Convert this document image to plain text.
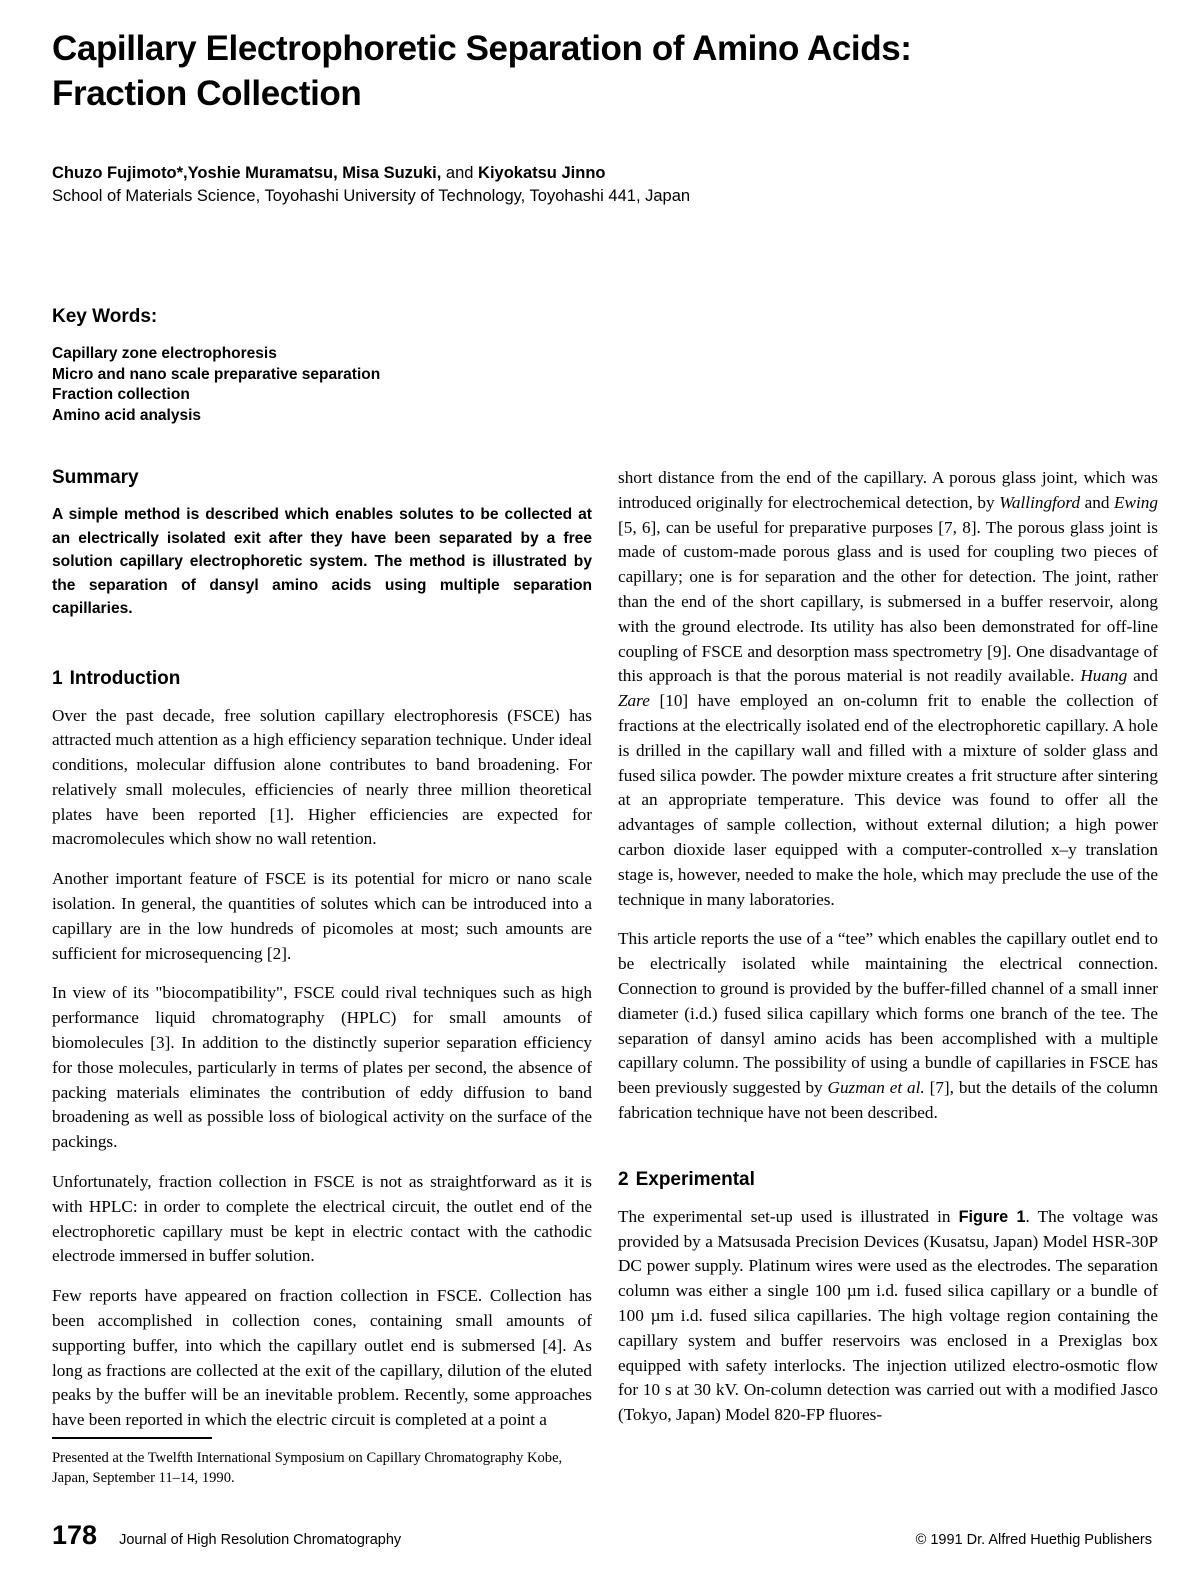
Capillary Electrophoretic Separation of Amino Acids:
Fraction Collection

Chuzo Fujimoto*,Yoshie Muramatsu, Misa Suzuki, and Kiyokatsu Jinno

School of Materials Science, Toyohashi University of Technology, Toyohashi 441, Japan

Key Words:
Capillary zone electrophoresis
Micro and nano scale preparative separation
Fraction collection
Amino acid analysis
Summary

A simple method is described which enables solutes to be collected at an electrically isolated exit after they have been separated by a free solution capillary electrophoretic system. The method is illustrated by the separation of dansyl amino acids using multiple separation capillaries.

1 Introduction

Over the past decade, free solution capillary electrophoresis (FSCE) has attracted much attention as a high efficiency separation technique. Under ideal conditions, molecular diffusion alone contributes to band broadening. For relatively small molecules, efficiencies of nearly three million theoretical plates have been reported [1]. Higher efficiencies are expected for macromolecules which show no wall retention.

Another important feature of FSCE is its potential for micro or nano scale isolation. In general, the quantities of solutes which can be introduced into a capillary are in the low hundreds of picomoles at most; such amounts are sufficient for microsequencing [2].

In view of its "biocompatibility", FSCE could rival techniques such as high performance liquid chromatography (HPLC) for small amounts of biomolecules [3]. In addition to the distinctly superior separation efficiency for those molecules, particularly in terms of plates per second, the absence of packing materials eliminates the contribution of eddy diffusion to band broadening as well as possible loss of biological activity on the surface of the packings.

Unfortunately, fraction collection in FSCE is not as straightforward as it is with HPLC: in order to complete the electrical circuit, the outlet end of the electrophoretic capillary must be kept in electric contact with the cathodic electrode immersed in buffer solution.

Few reports have appeared on fraction collection in FSCE. Collection has been accomplished in collection cones, containing small amounts of supporting buffer, into which the capillary outlet end is submersed [4]. As long as fractions are collected at the exit of the capillary, dilution of the eluted peaks by the buffer will be an inevitable problem. Recently, some approaches have been reported in which the electric circuit is completed at a point a

short distance from the end of the capillary. A porous glass joint, which was introduced originally for electrochemical detection, by Wallingford and Ewing [5, 6], can be useful for preparative purposes [7, 8]. The porous glass joint is made of custom-made porous glass and is used for coupling two pieces of capillary; one is for separation and the other for detection. The joint, rather than the end of the short capillary, is submersed in a buffer reservoir, along with the ground electrode. Its utility has also been demonstrated for off-line coupling of FSCE and desorption mass spectrometry [9]. One disadvantage of this approach is that the porous material is not readily available. Huang and Zare [10] have employed an on-column frit to enable the collection of fractions at the electrically isolated end of the electrophoretic capillary. A hole is drilled in the capillary wall and filled with a mixture of solder glass and fused silica powder. The powder mixture creates a frit structure after sintering at an appropriate temperature. This device was found to offer all the advantages of sample collection, without external dilution; a high power carbon dioxide laser equipped with a computer-controlled x–y translation stage is, however, needed to make the hole, which may preclude the use of the technique in many laboratories.

This article reports the use of a “tee” which enables the capillary outlet end to be electrically isolated while maintaining the electrical connection. Connection to ground is provided by the buffer-filled channel of a small inner diameter (i.d.) fused silica capillary which forms one branch of the tee. The separation of dansyl amino acids has been accomplished with a multiple capillary column. The possibility of using a bundle of capillaries in FSCE has been previously suggested by Guzman et al. [7], but the details of the column fabrication technique have not been described.

2 Experimental

The experimental set-up used is illustrated in Figure 1. The voltage was provided by a Matsusada Precision Devices (Kusatsu, Japan) Model HSR-30P DC power supply. Platinum wires were used as the electrodes. The separation column was either a single 100 µm i.d. fused silica capillary or a bundle of 100 µm i.d. fused silica capillaries. The high voltage region containing the capillary system and buffer reservoirs was enclosed in a Prexiglas box equipped with safety interlocks. The injection utilized electro-osmotic flow for 10 s at 30 kV. On-column detection was carried out with a modified Jasco (Tokyo, Japan) Model 820-FP fluores-

Presented at the Twelfth International Symposium on Capillary Chromatography Kobe, Japan, September 11–14, 1990.

178 Journal of High Resolution Chromatography	© 1991 Dr. Alfred Huethig Publishers
